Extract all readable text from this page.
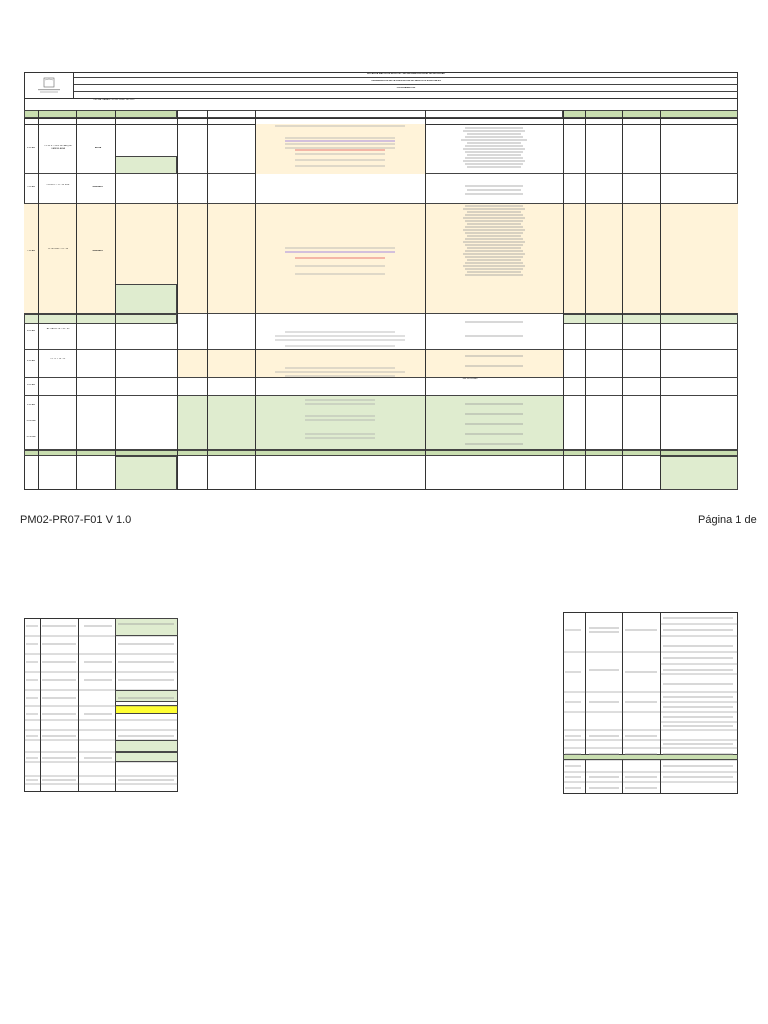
ALCALDÍA MAYOR DE BOGOTÁ - SECRETARÍA DISTRITAL DE MOVILIDAD
ORGANIZACIÓN DE LA PRESTACIÓN DE SERVICIOS ESPECIALES
PROGRAMACIÓN
FECHA: SÁBADO 03 DE JUNIO DE 2023
6:30 AM
CL 56 S # 93 B 30 PARQUE CANDELARIA	BOSA
7:00 AM
CR 68 D # 11 - 95 SUR
KENNEDY
7:30 AM
CL 40 SUR # 78 - 90
KENNEDY
8:00 AM
AV CALLE 26 # 59 - 65
8:30 AM
CL 72 # 10 - 07
9:00 AM
SIN NOVEDAD
9:30 AM
10:00 AM
10:30 AM
PM02-PR07-F01 V 1.0	Página 1 de
